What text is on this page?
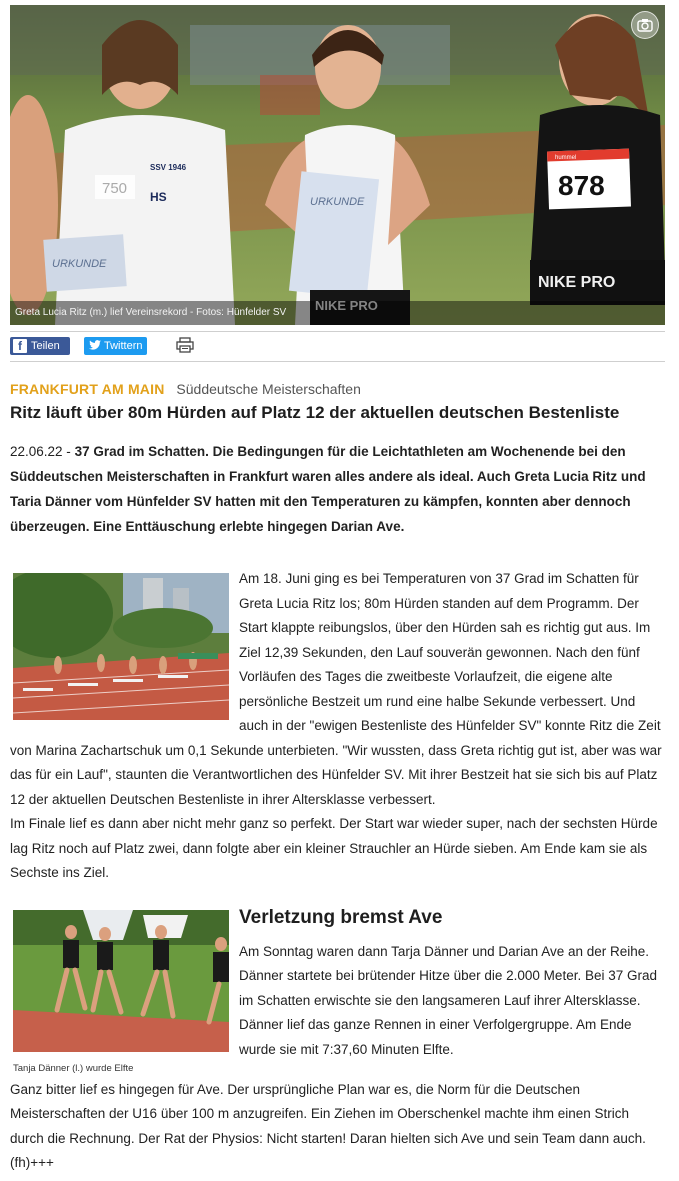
750
SSV 1946
HS
URKUNDE
URKUNDE
NIKE PRO
hummel
878
NIKE PRO
Greta Lucia Ritz (m.) lief Vereinsrekord - Fotos: Hünfelder SV
f Teilen	Twittern
FRANKFURT AM MAIN Süddeutsche Meisterschaften
Ritz läuft über 80m Hürden auf Platz 12 der aktuellen deutschen Bestenliste
22.06.22 - 37 Grad im Schatten. Die Bedingungen für die Leichtathleten am Wochenende bei den Süddeutschen Meisterschaften in Frankfurt waren alles andere als ideal. Auch Greta Lucia Ritz und Taria Dänner vom Hünfelder SV hatten mit den Temperaturen zu kämpfen, konnten aber dennoch überzeugen. Eine Enttäuschung erlebte hingegen Darian Ave.

Am 18. Juni ging es bei Temperaturen von 37 Grad im Schatten für Greta Lucia Ritz los; 80m Hürden standen auf dem Programm. Der Start klappte reibungslos, über den Hürden sah es richtig gut aus. Im Ziel 12,39 Sekunden, den Lauf souverän gewonnen. Nach den fünf Vorläufen des Tages die zweitbeste Vorlaufzeit, die eigene alte persönliche Bestzeit um rund eine halbe Sekunde verbessert. Und auch in der "ewigen Bestenliste des Hünfelder SV" konnte Ritz die Zeit von Marina Zachartschuk um 0,1 Sekunde unterbieten. "Wir wussten, dass Greta richtig gut ist, aber was war das für ein Lauf", staunten die Verantwortlichen des Hünfelder SV. Mit ihrer Bestzeit hat sie sich bis auf Platz 12 der aktuellen Deutschen Bestenliste in ihrer Altersklasse verbessert.

Im Finale lief es dann aber nicht mehr ganz so perfekt. Der Start war wieder super, nach der sechsten Hürde lag Ritz noch auf Platz zwei, dann folgte aber ein kleiner Strauchler an Hürde sieben. Am Ende kam sie als Sechste ins Ziel.

Tanja Dänner (l.) wurde Elfte
Verletzung bremst Ave

Am Sonntag waren dann Tarja Dänner und Darian Ave an der Reihe. Dänner startete bei brütender Hitze über die 2.000 Meter. Bei 37 Grad im Schatten erwischte sie den langsameren Lauf ihrer Altersklasse. Dänner lief das ganze Rennen in einer Verfolgergruppe. Am Ende wurde sie mit 7:37,60 Minuten Elfte.

Ganz bitter lief es hingegen für Ave. Der ursprüngliche Plan war es, die Norm für die Deutschen Meisterschaften der U16 über 100 m anzugreifen. Ein Ziehen im Oberschenkel machte ihm einen Strich durch die Rechnung. Der Rat der Physios: Nicht starten! Daran hielten sich Ave und sein Team dann auch. (fh)+++
